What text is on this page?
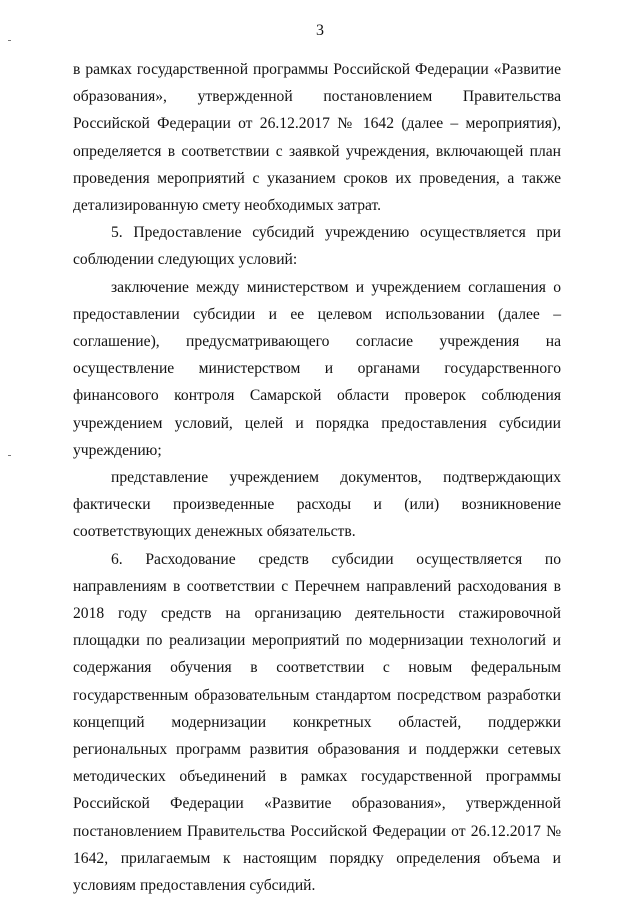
3

в рамках государственной программы Российской Федерации «Развитие образования», утвержденной постановлением Правительства Российской Федерации от 26.12.2017 № 1642 (далее – мероприятия), определяется в соответствии с заявкой учреждения, включающей план проведения мероприятий с указанием сроков их проведения, а также детализированную смету необходимых затрат.

5. Предоставление субсидий учреждению осуществляется при соблюдении следующих условий:

заключение между министерством и учреждением соглашения о предоставлении субсидии и ее целевом использовании (далее – соглашение), предусматривающего согласие учреждения на осуществление министерством и органами государственного финансового контроля Самарской области проверок соблюдения учреждением условий, целей и порядка предоставления субсидии учреждению;

представление учреждением документов, подтверждающих фактически произведенные расходы и (или) возникновение соответствующих денежных обязательств.

6. Расходование средств субсидии осуществляется по направлениям в соответствии с Перечнем направлений расходования в 2018 году средств на организацию деятельности стажировочной площадки по реализации мероприятий по модернизации технологий и содержания обучения в соответствии с новым федеральным государственным образовательным стандартом посредством разработки концепций модернизации конкретных областей, поддержки региональных программ развития образования и поддержки сетевых методических объединений в рамках государственной программы Российской Федерации «Развитие образования», утвержденной постановлением Правительства Российской Федерации от 26.12.2017 № 1642, прилагаемым к настоящим порядку определения объема и условиям предоставления субсидий.
